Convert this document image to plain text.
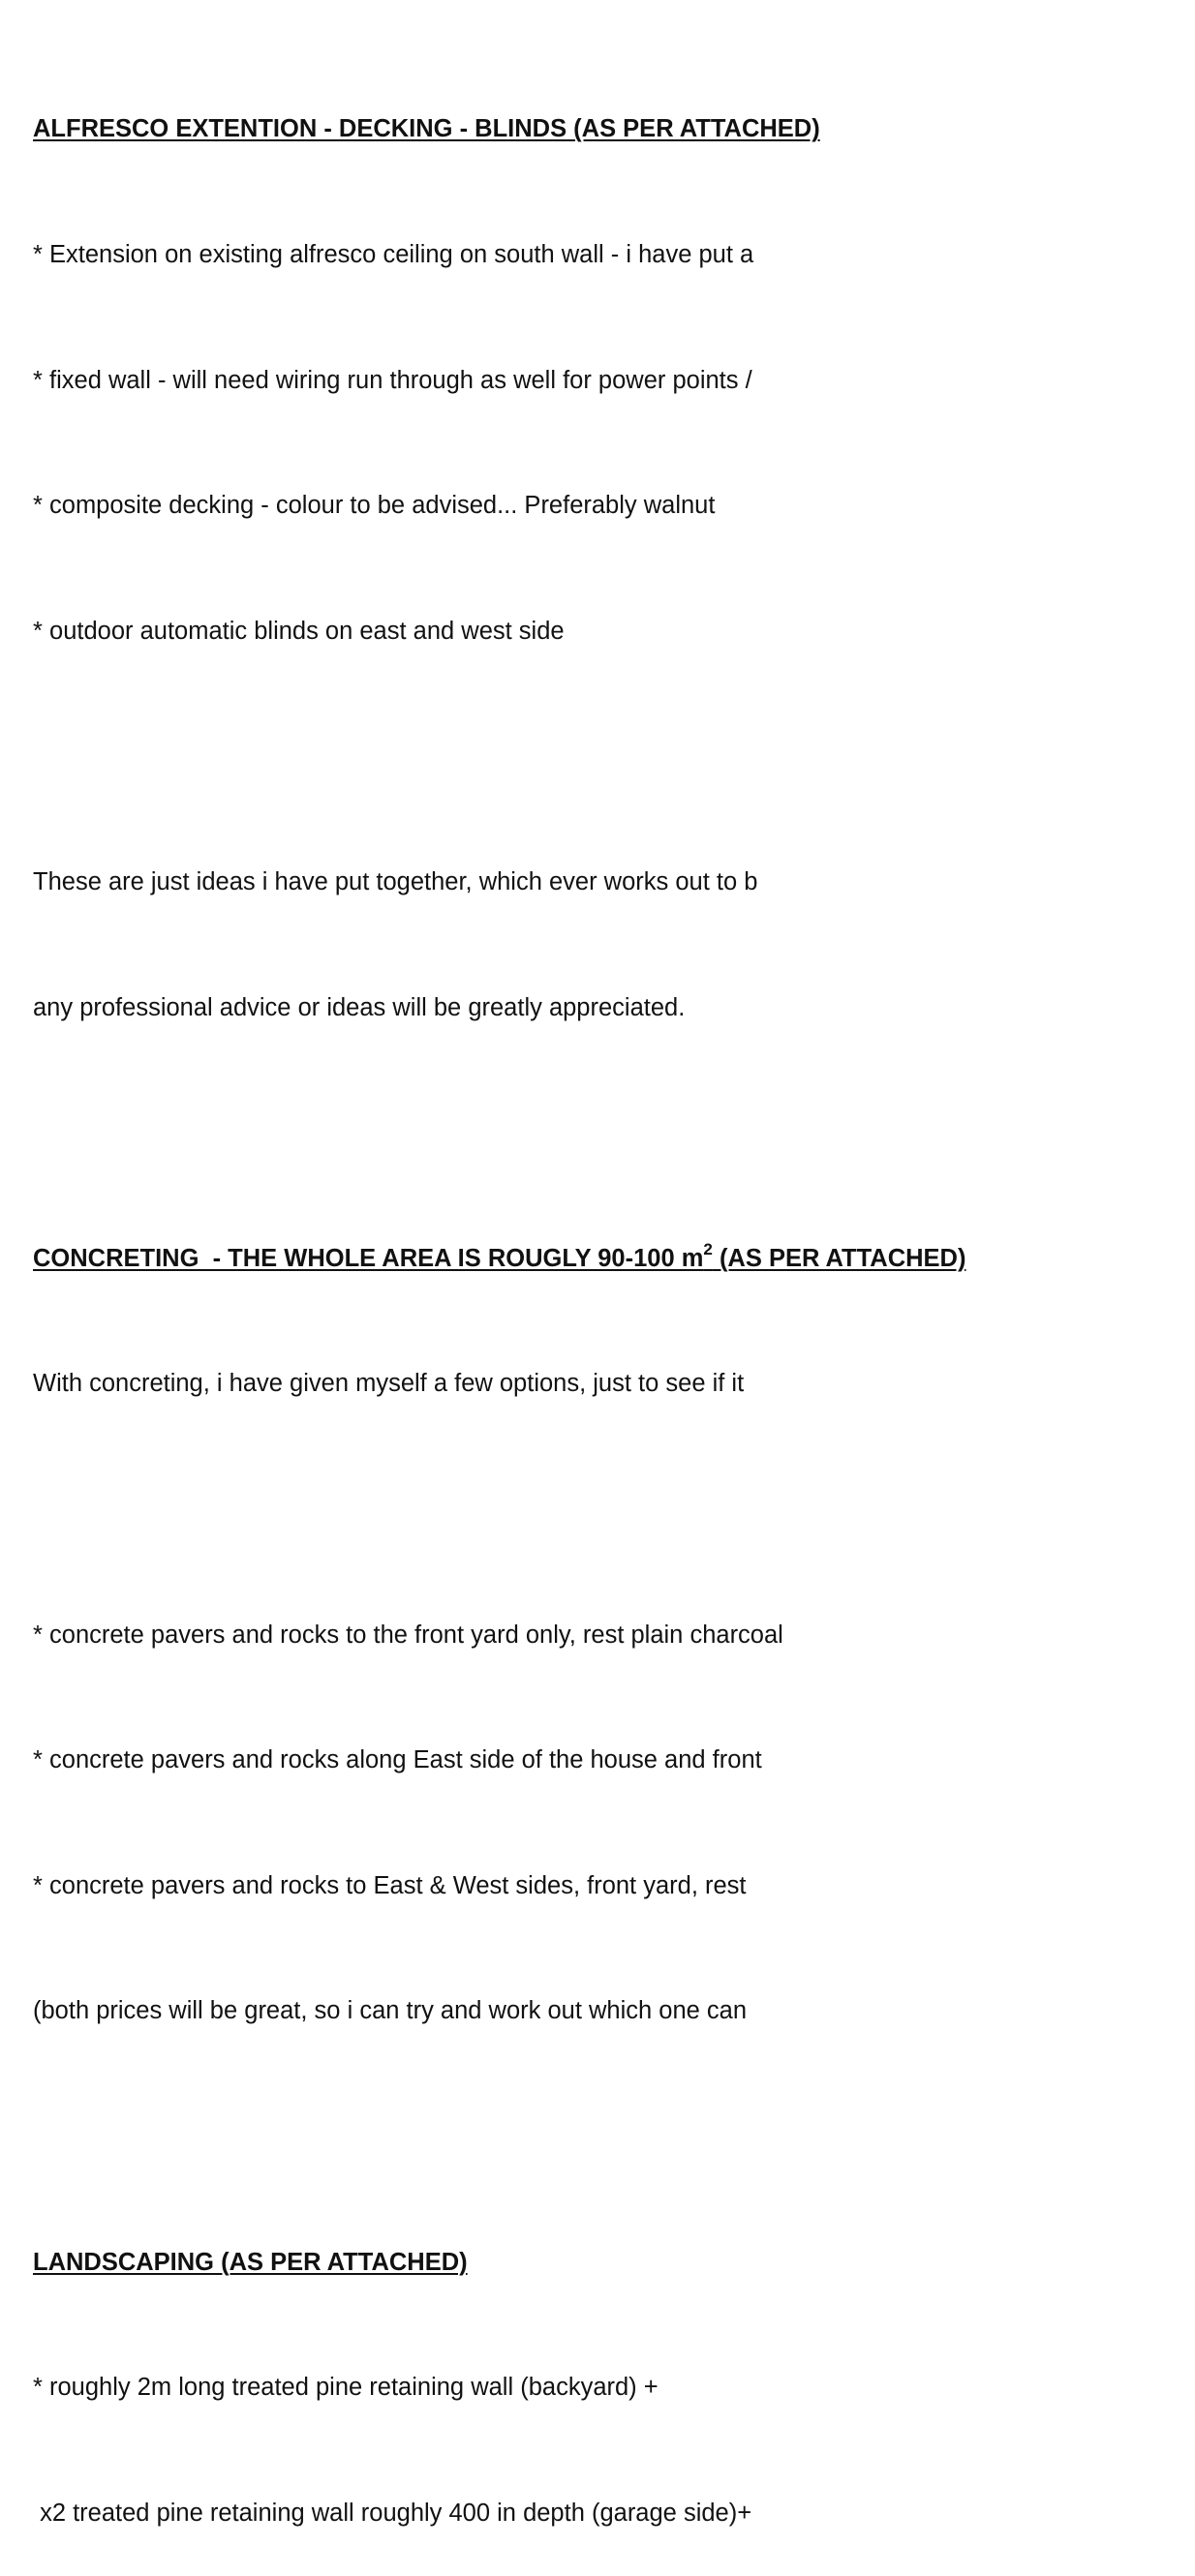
ALFRESCO EXTENTION - DECKING - BLINDS (AS PER ATTACHED)

* Extension on existing alfresco ceiling on south wall - i have put a

* fixed wall - will need wiring run through as well for power points /

* composite decking - colour to be advised... Preferably walnut

* outdoor automatic blinds on east and west side

These are just ideas i have put together, which ever works out to b

any professional advice or ideas will be greatly appreciated.

CONCRETING  - THE WHOLE AREA IS ROUGLY 90-100 $m^2$ (AS PER ATTACHED)

With concreting, i have given myself a few options, just to see if it

* concrete pavers and rocks to the front yard only, rest plain charcoal

* concrete pavers and rocks along East side of the house and front

* concrete pavers and rocks to East & West sides, front yard, rest

(both prices will be great, so i can try and work out which one can

LANDSCAPING (AS PER ATTACHED)

* roughly 2m long treated pine retaining wall (backyard) +

x2 treated pine retaining wall roughly 400 in depth (garage side)+
